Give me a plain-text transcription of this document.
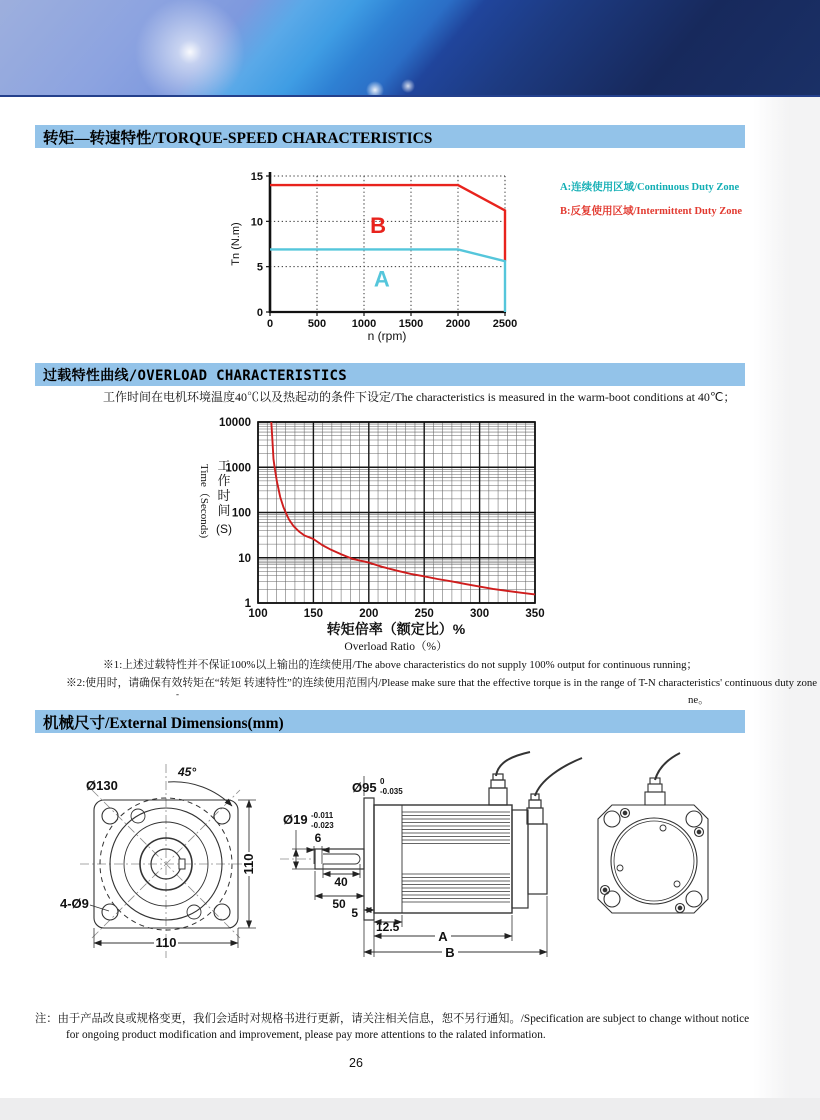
转矩—转速特性/TORQUE-SPEED CHARACTERISTICS
0	500 1000 1500 2000 2500
0
5
10
15
B
A
n (rpm)
Tn (N.m)
A:连续使用区域/Continuous Duty Zone
B:反复使用区域/Intermittent Duty Zone
过载特性曲线/OVERLOAD CHARACTERISTICS
工作时间在电机环境温度40℃以及热起动的条件下设定/The characteristics is measured in the warm-boot conditions at 40℃；
1
10
100
1000
10000
100	150	200	250	300	350
工
作
时
间
(S)
Time（Seconds)
转矩倍率（额定比）%
Overload Ratio（%）
※1:上述过载特性并不保证100%以上输出的连续使用/The above characteristics do not supply 100% output for continuous running；
※2:使用时，请确保有效转矩在“转矩 转速特性”的连续使用范围内/Please make sure that the effective torque is in the range of T-N characteristics' continuous duty zone
-	ne。
机械尺寸/External Dimensions(mm)
Ø130
45°
110
4-Ø9
110
Ø95 0
-0.035
Ø19 -0.011
-0.023
6
40
50
5
12.5
A
B
注：由于产品改良或规格变更，我们会适时对规格书进行更新，请关注相关信息，恕不另行通知。/Specification are subject to change without notice
for ongoing product modification and improvement, please pay more attentions to the ralated information.
26
